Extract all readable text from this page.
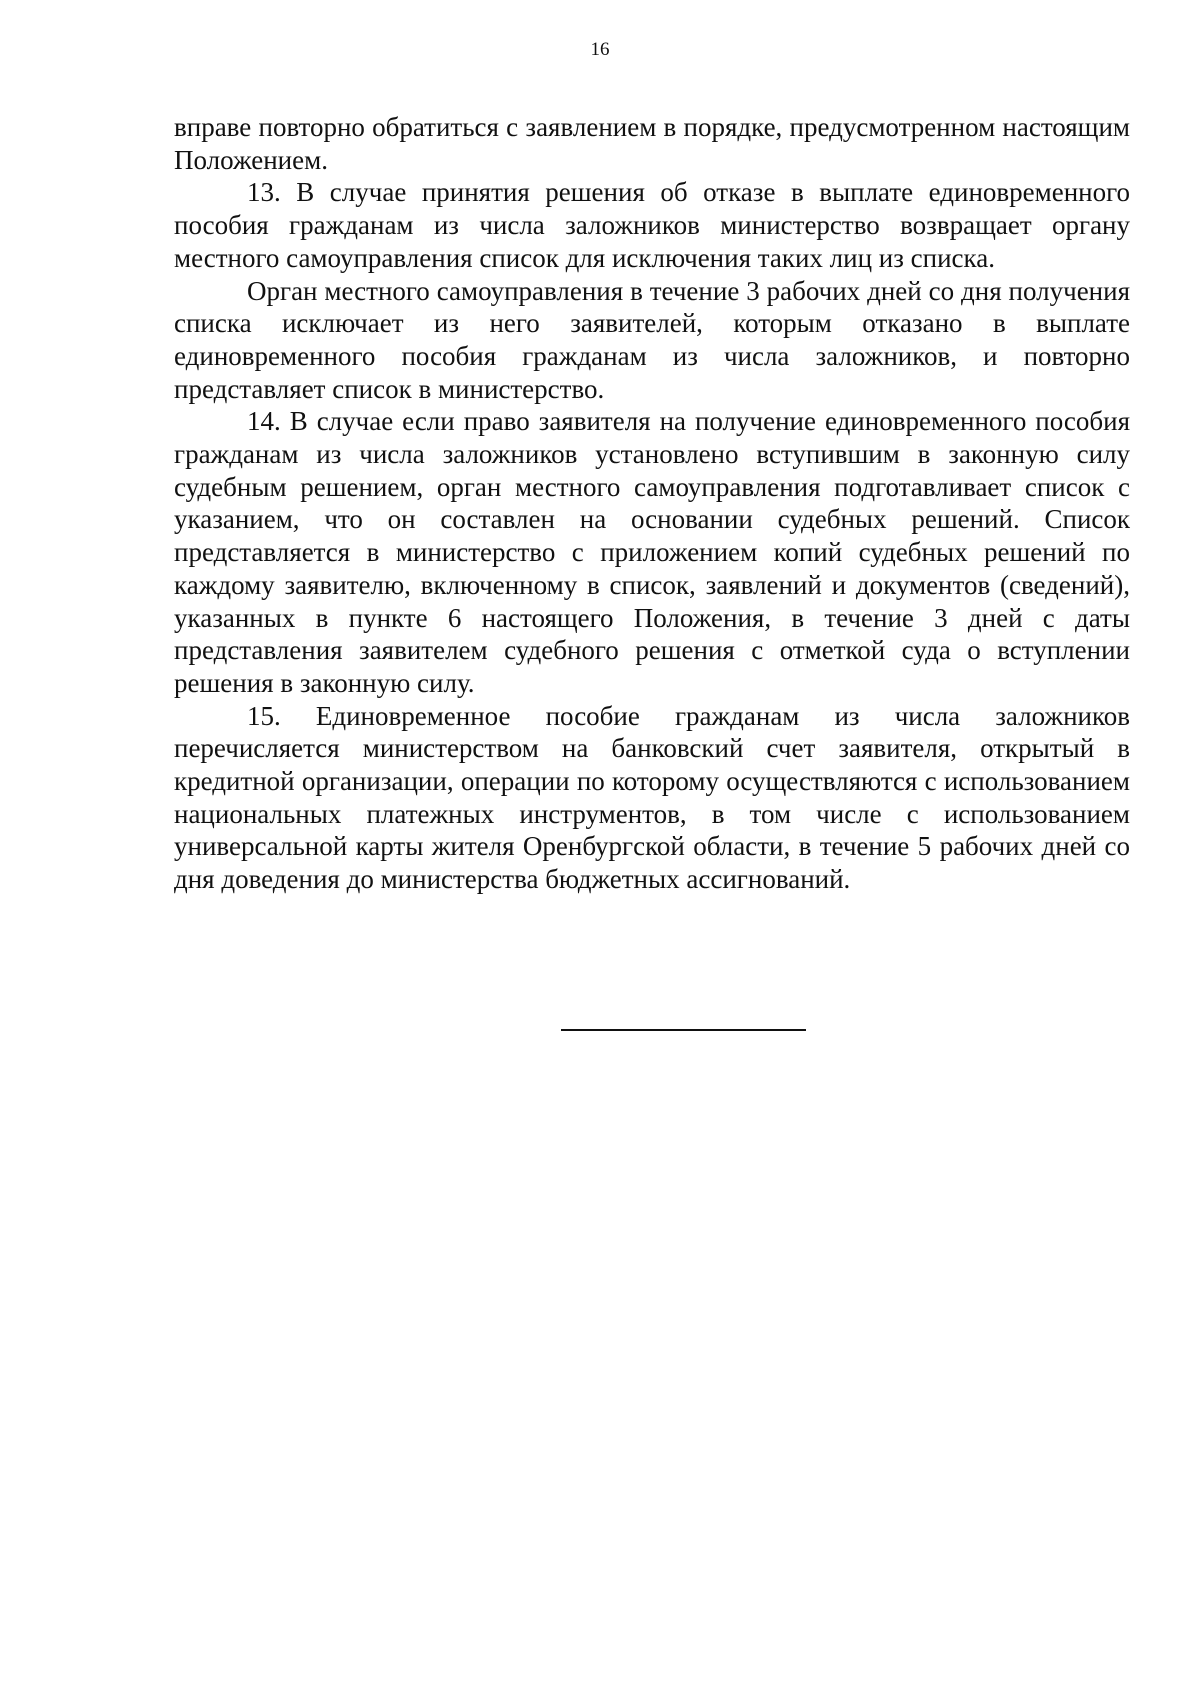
16

вправе повторно обратиться с заявлением в порядке, предусмотренном настоящим Положением.

13. В случае принятия решения об отказе в выплате единовременного пособия гражданам из числа заложников министерство возвращает органу местного самоуправления список для исключения таких лиц из списка.

Орган местного самоуправления в течение 3 рабочих дней со дня получения списка исключает из него заявителей, которым отказано в выплате единовременного пособия гражданам из числа заложников, и повторно представляет список в министерство.

14. В случае если право заявителя на получение единовременного пособия гражданам из числа заложников установлено вступившим в законную силу судебным решением, орган местного самоуправления подготавливает список с указанием, что он составлен на основании судебных решений. Список представляется в министерство с приложением копий судебных решений по каждому заявителю, включенному в список, заявлений и документов (сведений), указанных в пункте 6 настоящего Положения, в течение 3 дней с даты представления заявителем судебного решения с отметкой суда о вступлении решения в законную силу.

15. Единовременное пособие гражданам из числа заложников перечисляется министерством на банковский счет заявителя, открытый в кредитной организации, операции по которому осуществляются с использованием национальных платежных инструментов, в том числе с использованием универсальной карты жителя Оренбургской области, в течение 5 рабочих дней со дня доведения до министерства бюджетных ассигнований.
